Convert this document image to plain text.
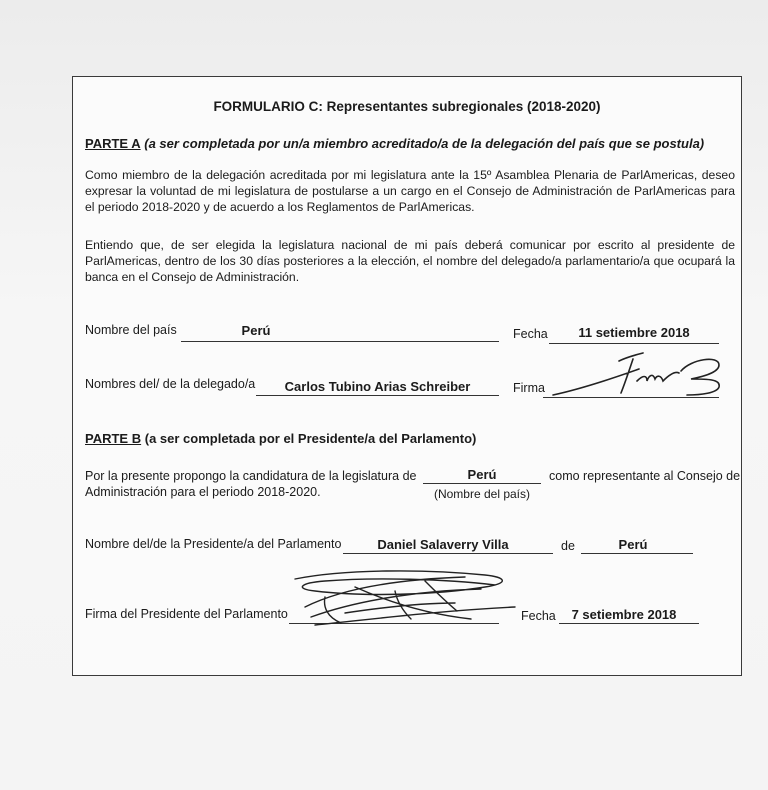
FORMULARIO C: Representantes subregionales (2018-2020)
PARTE A (a ser completada por un/a miembro acreditado/a de la delegación del país que se postula)
Como miembro de la delegación acreditada por mi legislatura ante la 15º Asamblea Plenaria de ParlAmericas, deseo expresar la voluntad de mi legislatura de postularse a un cargo en el Consejo de Administración de ParlAmericas para el periodo 2018-2020 y de acuerdo a los Reglamentos de ParlAmericas.
Entiendo que, de ser elegida la legislatura nacional de mi país deberá comunicar por escrito al presidente de ParlAmericas, dentro de los 30 días posteriores a la elección, el nombre del delegado/a parlamentario/a que ocupará la banca en el Consejo de Administración.
Nombre del país	Perú	Fecha	11 setiembre 2018
Nombres del/ de la delegado/a	Carlos Tubino Arias Schreiber	Firma
PARTE B (a ser completada por el Presidente/a del Parlamento)
Por la presente propongo la candidatura de la legislatura de	Perú	como representante al Consejo de
Administración para el periodo 2018-2020.	(Nombre del país)
Nombre del/de la Presidente/a del Parlamento	Daniel Salaverry Villa	de	Perú
Firma del Presidente del Parlamento	Fecha	7 setiembre 2018
